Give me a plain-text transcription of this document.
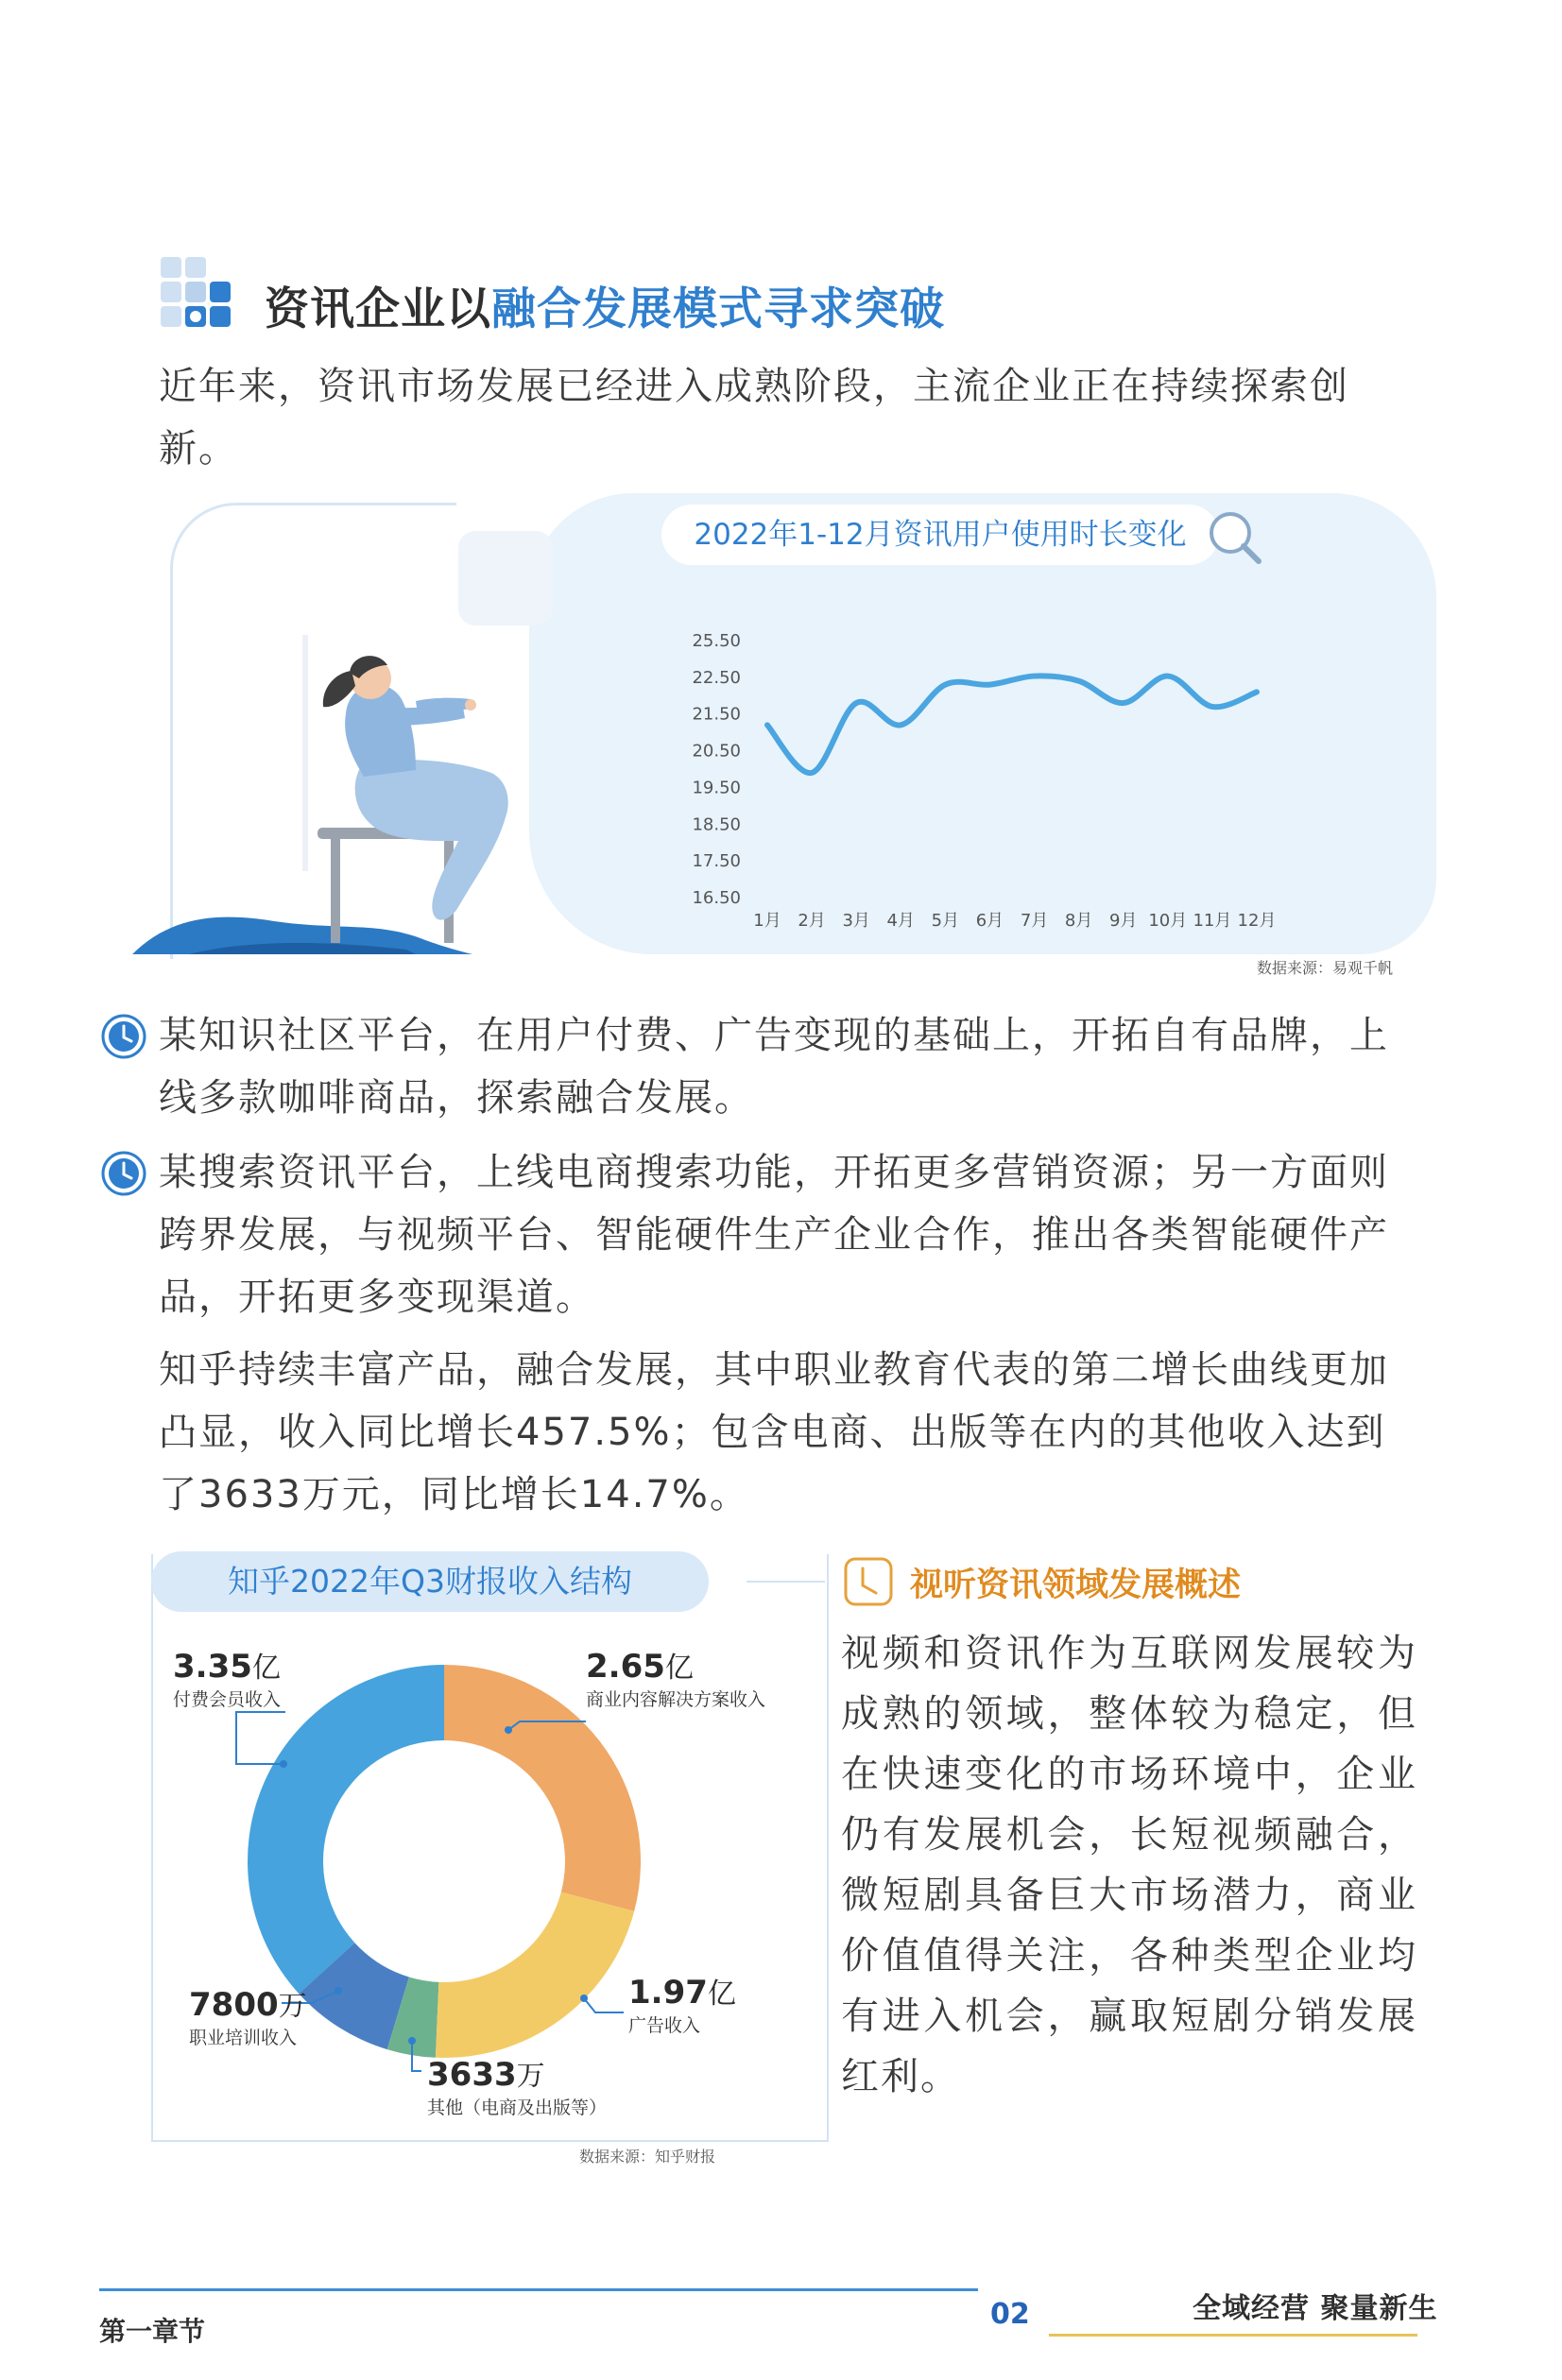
资讯企业以融合发展模式寻求突破
近年来，资讯市场发展已经进入成熟阶段，主流企业正在持续探索创新。
2022年1-12月资讯用户使用时长变化
16.50
17.50
18.50
19.50
20.50
21.50
22.50
25.50
1月 2月 3月 4月 5月 6月 7月 8月 9月 10月 11月 12月
数据来源：易观千帆
某知识社区平台，在用户付费、广告变现的基础上，开拓自有品牌，上线多款咖啡商品，探索融合发展。
某搜索资讯平台，上线电商搜索功能，开拓更多营销资源；另一方面则跨界发展，与视频平台、智能硬件生产企业合作，推出各类智能硬件产品，开拓更多变现渠道。
知乎持续丰富产品，融合发展，其中职业教育代表的第二增长曲线更加凸显，收入同比增长457.5%；包含电商、出版等在内的其他收入达到了3633万元，同比增长14.7%。
知乎2022年Q3财报收入结构
3.35亿
付费会员收入
2.65亿
商业内容解决方案收入
1.97亿
广告收入
3633万
其他（电商及出版等）
7800万
职业培训收入
数据来源：知乎财报
视听资讯领域发展概述
视频和资讯作为互联网发展较为成熟的领域，整体较为稳定，但在快速变化的市场环境中，企业仍有发展机会，长短视频融合，微短剧具备巨大市场潜力，商业价值值得关注，各种类型企业均有进入机会，赢取短剧分销发展红利。
第一章节
02	全域经营 聚量新生
